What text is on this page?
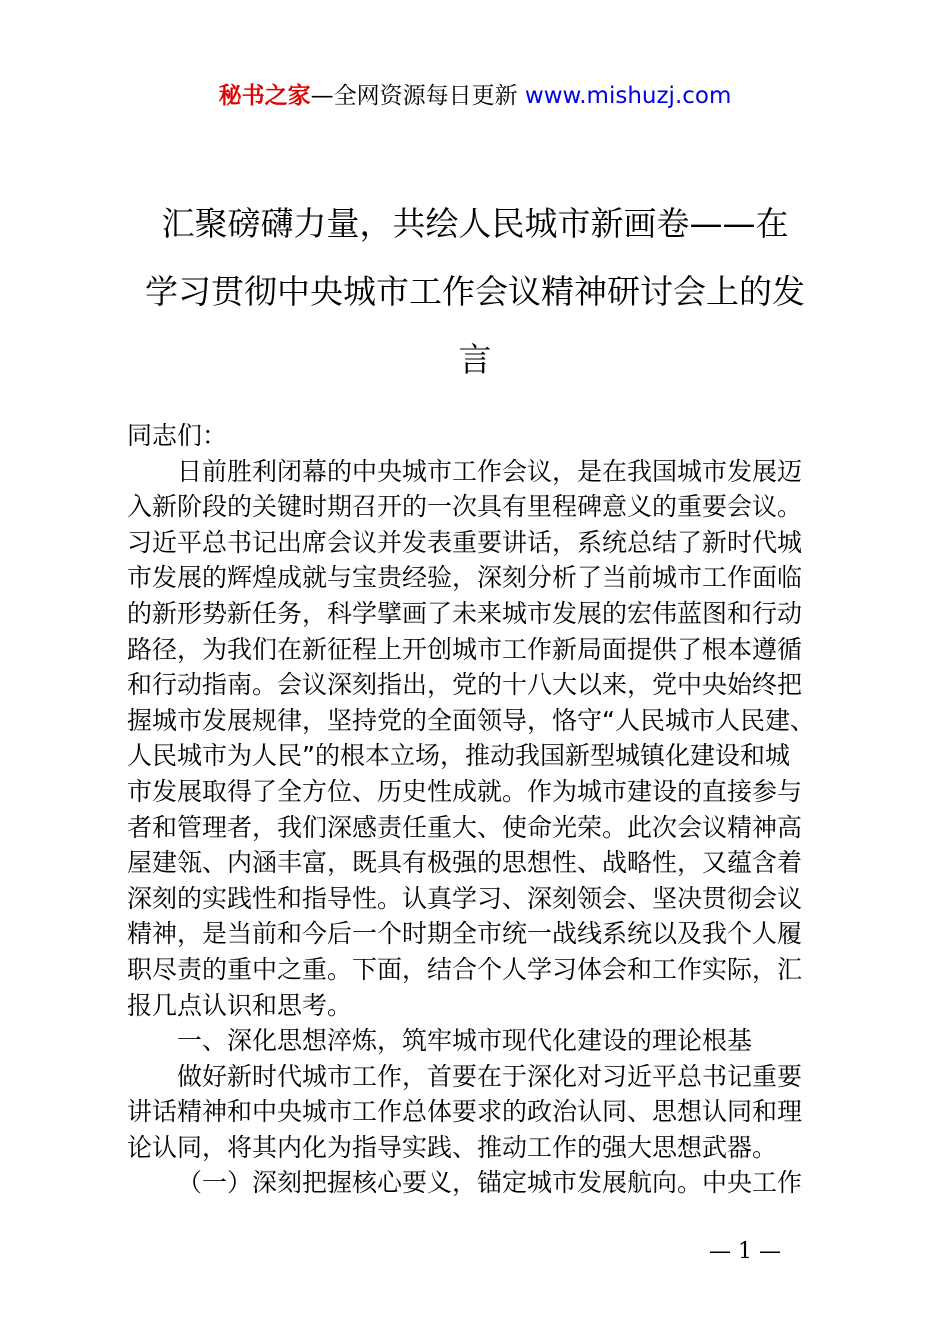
秘书之家—全网资源每日更新 www.mishuzj.com
汇聚磅礴力量，共绘人民城市新画卷——在
学习贯彻中央城市工作会议精神研讨会上的发
言
同志们：
日前胜利闭幕的中央城市工作会议，是在我国城市发展迈
入新阶段的关键时期召开的一次具有里程碑意义的重要会议。
习近平总书记出席会议并发表重要讲话，系统总结了新时代城
市发展的辉煌成就与宝贵经验，深刻分析了当前城市工作面临
的新形势新任务，科学擘画了未来城市发展的宏伟蓝图和行动
路径，为我们在新征程上开创城市工作新局面提供了根本遵循
和行动指南。会议深刻指出，党的十八大以来，党中央始终把
握城市发展规律，坚持党的全面领导，恪守“人民城市人民建、
人民城市为人民”的根本立场，推动我国新型城镇化建设和城
市发展取得了全方位、历史性成就。作为城市建设的直接参与
者和管理者，我们深感责任重大、使命光荣。此次会议精神高
屋建瓴、内涵丰富，既具有极强的思想性、战略性，又蕴含着
深刻的实践性和指导性。认真学习、深刻领会、坚决贯彻会议
精神，是当前和今后一个时期全市统一战线系统以及我个人履
职尽责的重中之重。下面，结合个人学习体会和工作实际，汇
报几点认识和思考。
一、深化思想淬炼，筑牢城市现代化建设的理论根基
做好新时代城市工作，首要在于深化对习近平总书记重要
讲话精神和中央城市工作总体要求的政治认同、思想认同和理
论认同，将其内化为指导实践、推动工作的强大思想武器。
（一）深刻把握核心要义，锚定城市发展航向。中央工作
— 1 —
